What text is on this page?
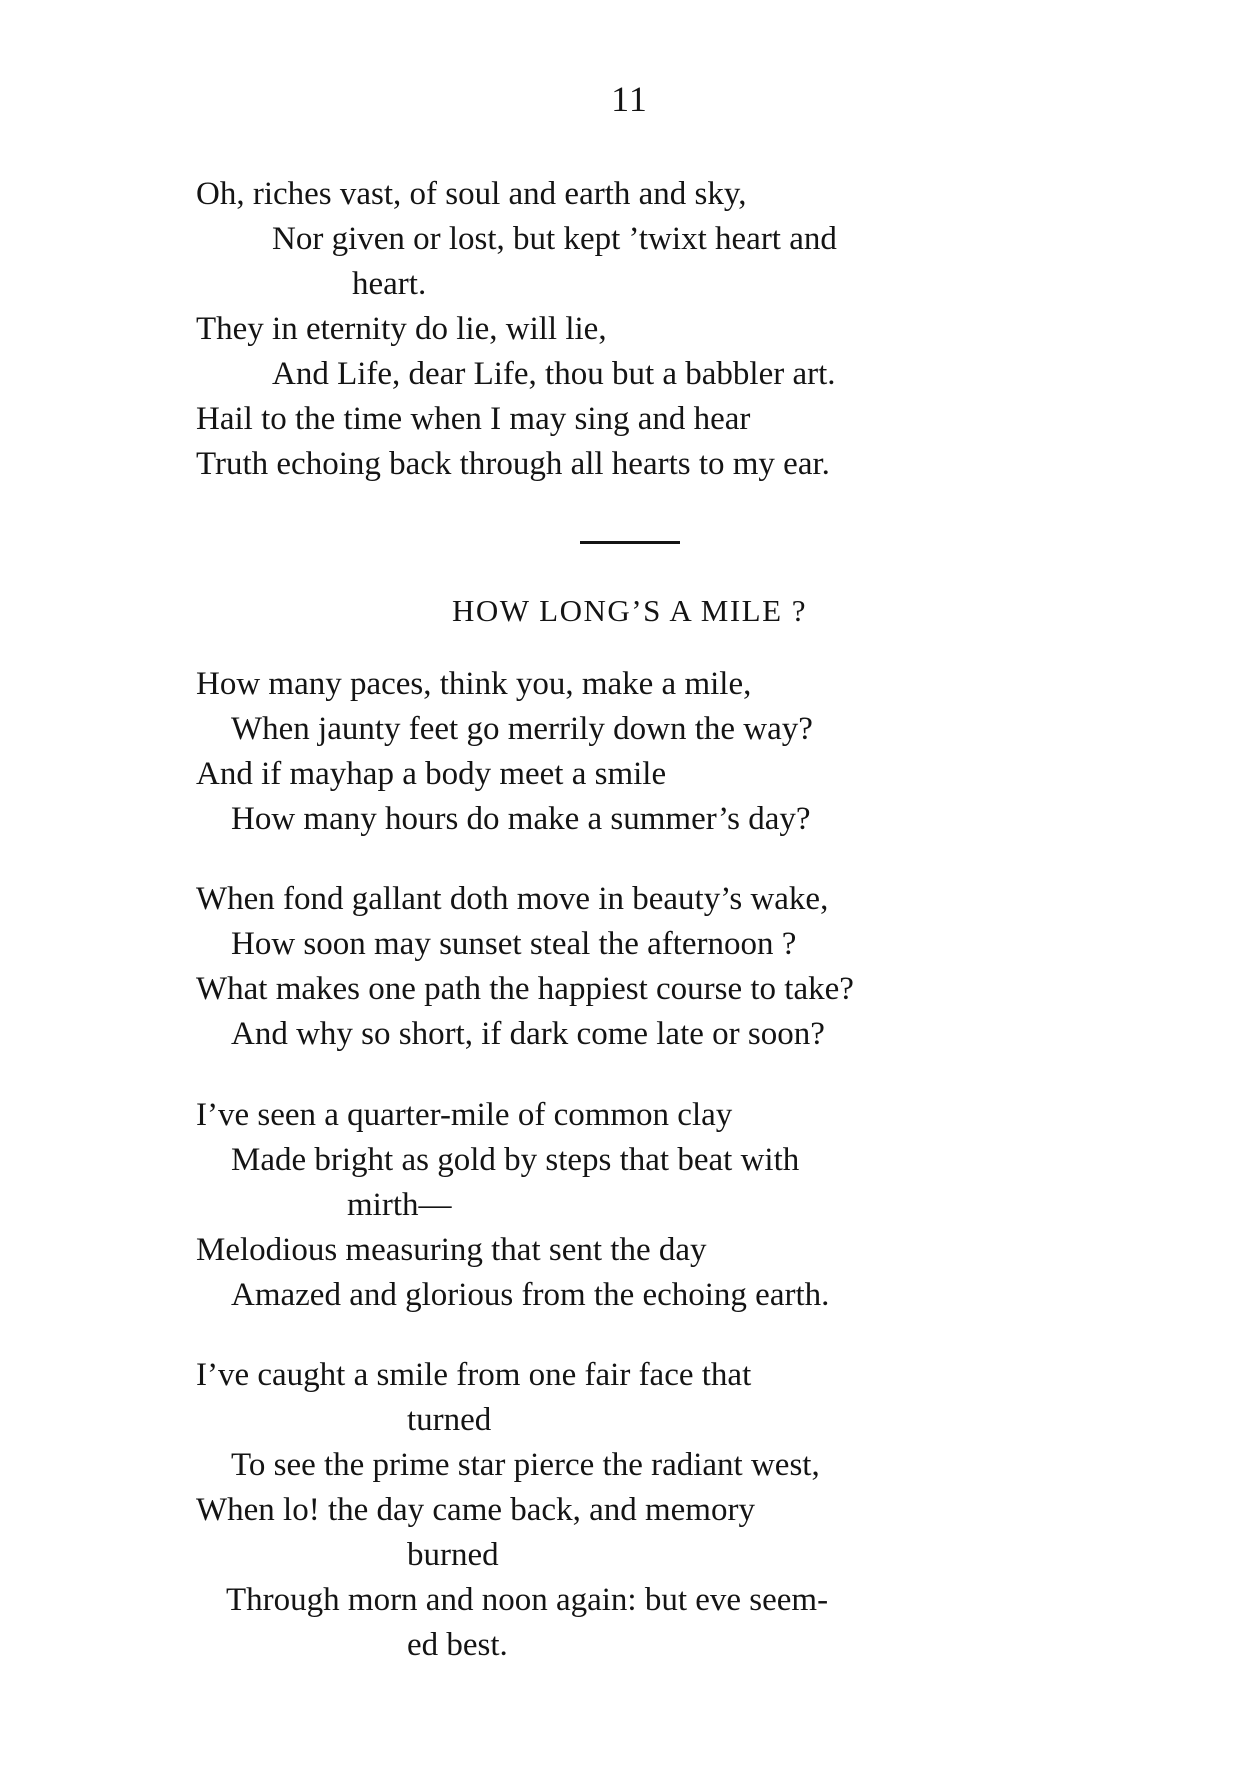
11
Oh, riches vast, of soul and earth and sky,
Nor given or lost, but kept ’twixt heart and
heart.
They in eternity do lie, will lie,
And Life, dear Life, thou but a babbler art.
Hail to the time when I may sing and hear
Truth echoing back through all hearts to my ear.
HOW LONG’S A MILE ?
How many paces, think you, make a mile,
When jaunty feet go merrily down the way?
And if mayhap a body meet a smile
How many hours do make a summer’s day?
When fond gallant doth move in beauty’s wake,
How soon may sunset steal the afternoon ?
What makes one path the happiest course to take?
And why so short, if dark come late or soon?
I’ve seen a quarter-mile of common clay
Made bright as gold by steps that beat with
mirth—
Melodious measuring that sent the day
Amazed and glorious from the echoing earth.
I’ve caught a smile from one fair face that
turned
To see the prime star pierce the radiant west,
When lo! the day came back, and memory
burned
Through morn and noon again: but eve seem-
ed best.
